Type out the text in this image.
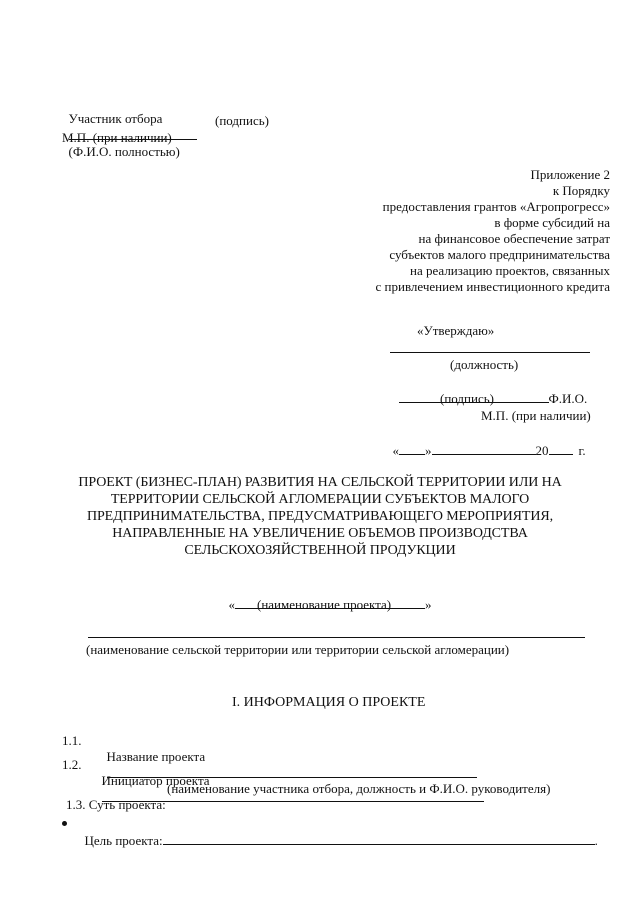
Участник отбора

(Ф.И.О. полностью)

(подпись)
М.П. (при наличии)
Приложение 2
к Порядку
предоставления грантов «Агропрогресс»
в форме субсидий на
на финансовое обеспечение затрат
субъектов малого предпринимательства
на реализацию проектов, связанных
с привлечением инвестиционного кредита
«Утверждаю»
(должность)

Ф.И.О.

(подпись)
М.П. (при наличии)

« »	20 г.

ПРОЕКТ (БИЗНЕС-ПЛАН) РАЗВИТИЯ НА СЕЛЬСКОЙ ТЕРРИТОРИИ ИЛИ НА ТЕРРИТОРИИ СЕЛЬСКОЙ АГЛОМЕРАЦИИ СУБЪЕКТОВ МАЛОГО ПРЕДПРИНИМАТЕЛЬСТВА, ПРЕДУСМАТРИВАЮЩЕГО МЕРОПРИЯТИЯ, НАПРАВЛЕННЫЕ НА УВЕЛИЧЕНИЕ ОБЪЕМОВ ПРОИЗВОДСТВА СЕЛЬСКОХОЗЯЙСТВЕННОЙ ПРОДУКЦИИ

«	»

(наименование проекта)
(наименование сельской территории или территории сельской агломерации)
I. ИНФОРМАЦИЯ О ПРОЕКТЕ
1.1.

Название проекта

1.2.

Инициатор проекта

(наименование участника отбора, должность и Ф.И.О. руководителя)
1.3. Суть проекта:

Цель проекта:	.
